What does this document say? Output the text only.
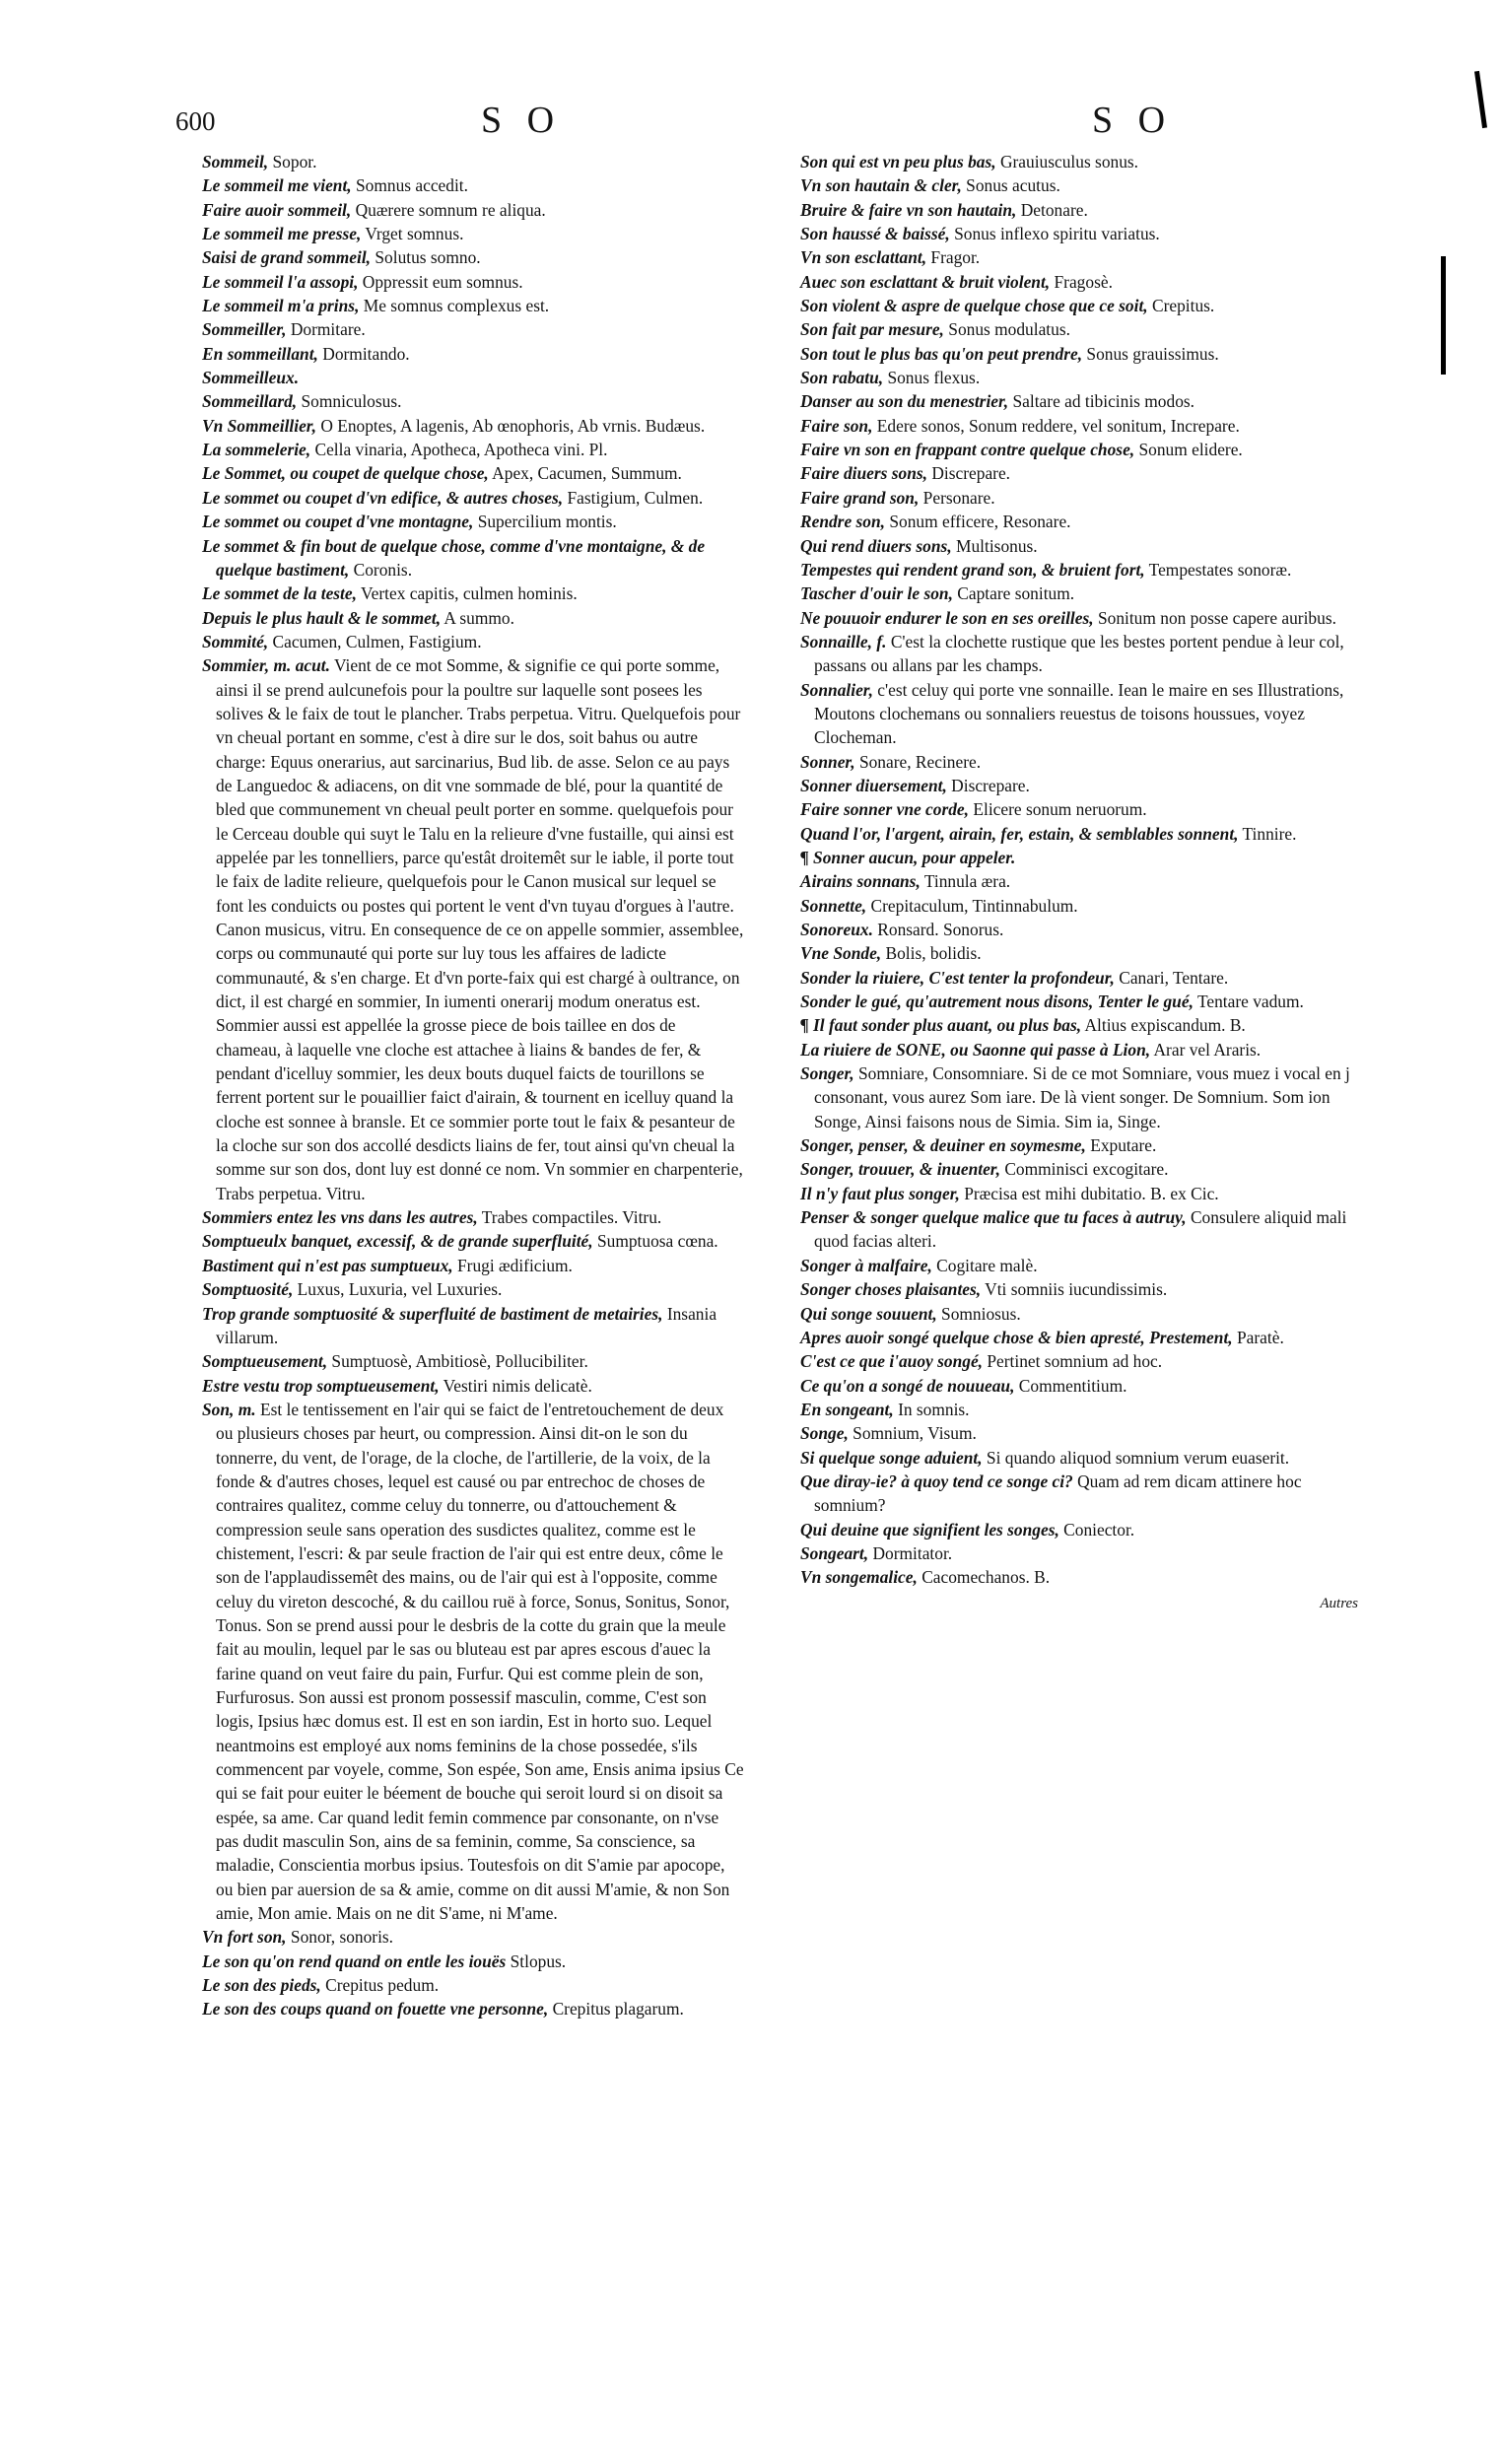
600	S O	S O

Sommeil, Sopor.

Le sommeil me vient, Somnus accedit.

Faire auoir sommeil, Quærere somnum re aliqua.

Le sommeil me presse, Vrget somnus.

Saisi de grand sommeil, Solutus somno.

Le sommeil l'a assopi, Oppressit eum somnus.

Le sommeil m'a prins, Me somnus complexus est.

Sommeiller, Dormitare.

En sommeillant, Dormitando.

Sommeilleux.

Sommeillard, Somniculosus.

Vn Sommeillier, O Enoptes, A lagenis, Ab œnophoris, Ab vrnis. Budæus.

La sommelerie, Cella vinaria, Apotheca, Apotheca vini. Pl.

Le Sommet, ou coupet de quelque chose, Apex, Cacumen, Summum.

Le sommet ou coupet d'vn edifice, & autres choses, Fastigium, Culmen.

Le sommet ou coupet d'vne montagne, Supercilium montis.

Le sommet & fin bout de quelque chose, comme d'vne montaigne, & de quelque bastiment, Coronis.

Le sommet de la teste, Vertex capitis, culmen hominis.

Depuis le plus hault & le sommet, A summo.

Sommité, Cacumen, Culmen, Fastigium.

Sommier, m. acut. Vient de ce mot Somme, & signifie ce qui porte somme, ainsi il se prend aulcunefois pour la poultre sur laquelle sont posees les solives & le faix de tout le plancher. Trabs perpetua. Vitru. Quelquefois pour vn cheual portant en somme, c'est à dire sur le dos, soit bahus ou autre charge: Equus onerarius, aut sarcinarius, Bud lib. de asse. Selon ce au pays de Languedoc & adiacens, on dit vne sommade de blé, pour la quantité de bled que communement vn cheual peult porter en somme. quelquefois pour le Cerceau double qui suyt le Talu en la relieure d'vne fustaille, qui ainsi est appelée par les tonnelliers, parce qu'estât droitemêt sur le iable, il porte tout le faix de ladite relieure, quelquefois pour le Canon musical sur lequel se font les conduicts ou postes qui portent le vent d'vn tuyau d'orgues à l'autre. Canon musicus, vitru. En consequence de ce on appelle sommier, assemblee, corps ou communauté qui porte sur luy tous les affaires de ladicte communauté, & s'en charge. Et d'vn porte-faix qui est chargé à oultrance, on dict, il est chargé en sommier, In iumenti onerarij modum oneratus est. Sommier aussi est appellée la grosse piece de bois taillee en dos de chameau, à laquelle vne cloche est attachee à liains & bandes de fer, & pendant d'icelluy sommier, les deux bouts duquel faicts de tourillons se ferrent portent sur le pouaillier faict d'airain, & tournent en icelluy quand la cloche est sonnee à bransle. Et ce sommier porte tout le faix & pesanteur de la cloche sur son dos accollé desdicts liains de fer, tout ainsi qu'vn cheual la somme sur son dos, dont luy est donné ce nom. Vn sommier en charpenterie, Trabs perpetua. Vitru.

Sommiers entez les vns dans les autres, Trabes compactiles. Vitru.

Somptueulx banquet, excessif, & de grande superfluité, Sumptuosa cœna.

Bastiment qui n'est pas sumptueux, Frugi ædificium.

Somptuosité, Luxus, Luxuria, vel Luxuries.

Trop grande somptuosité & superfluité de bastiment de metairies, Insania villarum.

Somptueusement, Sumptuosè, Ambitiosè, Pollucibiliter.

Estre vestu trop somptueusement, Vestiri nimis delicatè.

Son, m. Est le tentissement en l'air qui se faict de l'entretouchement de deux ou plusieurs choses par heurt, ou compression. Ainsi dit-on le son du tonnerre, du vent, de l'orage, de la cloche, de l'artillerie, de la voix, de la fonde & d'autres choses, lequel est causé ou par entrechoc de choses de contraires qualitez, comme celuy du tonnerre, ou d'attouchement & compression seule sans operation des susdictes qualitez, comme est le chistement, l'escri: & par seule fraction de l'air qui est entre deux, côme le son de l'applaudissemêt des mains, ou de l'air qui est à l'opposite, comme celuy du vireton descoché, & du caillou ruë à force, Sonus, Sonitus, Sonor, Tonus. Son se prend aussi pour le desbris de la cotte du grain que la meule fait au moulin, lequel par le sas ou bluteau est par apres escous d'auec la farine quand on veut faire du pain, Furfur. Qui est comme plein de son, Furfurosus. Son aussi est pronom possessif masculin, comme, C'est son logis, Ipsius hæc domus est. Il est en son iardin, Est in horto suo. Lequel neantmoins est employé aux noms feminins de la chose possedée, s'ils commencent par voyele, comme, Son espée, Son ame, Ensis anima ipsius Ce qui se fait pour euiter le béement de bouche qui seroit lourd si on disoit sa espée, sa ame. Car quand ledit femin commence par consonante, on n'vse pas dudit masculin Son, ains de sa feminin, comme, Sa conscience, sa maladie, Conscientia morbus ipsius. Toutesfois on dit S'amie par apocope, ou bien par auersion de sa & amie, comme on dit aussi M'amie, & non Son amie, Mon amie. Mais on ne dit S'ame, ni M'ame.

Vn fort son, Sonor, sonoris.

Le son qu'on rend quand on entle les iouës Stlopus.

Le son des pieds, Crepitus pedum.

Le son des coups quand on fouette vne personne, Crepitus plagarum.

Son qui est vn peu plus bas, Grauiusculus sonus.

Vn son hautain & cler, Sonus acutus.

Bruire & faire vn son hautain, Detonare.

Son haussé & baissé, Sonus inflexo spiritu variatus.

Vn son esclattant, Fragor.

Auec son esclattant & bruit violent, Fragosè.

Son violent & aspre de quelque chose que ce soit, Crepitus.

Son fait par mesure, Sonus modulatus.

Son tout le plus bas qu'on peut prendre, Sonus grauissimus.

Son rabatu, Sonus flexus.

Danser au son du menestrier, Saltare ad tibicinis modos.

Faire son, Edere sonos, Sonum reddere, vel sonitum, Increpare.

Faire vn son en frappant contre quelque chose, Sonum elidere.

Faire diuers sons, Discrepare.

Faire grand son, Personare.

Rendre son, Sonum efficere, Resonare.

Qui rend diuers sons, Multisonus.

Tempestes qui rendent grand son, & bruient fort, Tempestates sonoræ.

Tascher d'ouir le son, Captare sonitum.

Ne pouuoir endurer le son en ses oreilles, Sonitum non posse capere auribus.

Sonnaille, f. C'est la clochette rustique que les bestes portent pendue à leur col, passans ou allans par les champs.

Sonnalier, c'est celuy qui porte vne sonnaille. Iean le maire en ses Illustrations, Moutons clochemans ou sonnaliers reuestus de toisons houssues, voyez Clocheman.

Sonner, Sonare, Recinere.

Sonner diuersement, Discrepare.

Faire sonner vne corde, Elicere sonum neruorum.

Quand l'or, l'argent, airain, fer, estain, & semblables sonnent, Tinnire.

¶ Sonner aucun, pour appeler.

Airains sonnans, Tinnula æra.

Sonnette, Crepitaculum, Tintinnabulum.

Sonoreux. Ronsard. Sonorus.

Vne Sonde, Bolis, bolidis.

Sonder la riuiere, C'est tenter la profondeur, Canari, Tentare.

Sonder le gué, qu'autrement nous disons, Tenter le gué, Tentare vadum.

¶ Il faut sonder plus auant, ou plus bas, Altius expiscandum. B.

La riuiere de SONE, ou Saonne qui passe à Lion, Arar vel Araris.

Songer, Somniare, Consomniare. Si de ce mot Somniare, vous muez i vocal en j consonant, vous aurez Som iare. De là vient songer. De Somnium. Som ion Songe, Ainsi faisons nous de Simia. Sim ia, Singe.

Songer, penser, & deuiner en soymesme, Exputare.

Songer, trouuer, & inuenter, Comminisci excogitare.

Il n'y faut plus songer, Præcisa est mihi dubitatio. B. ex Cic.

Penser & songer quelque malice que tu faces à autruy, Consulere aliquid mali quod facias alteri.

Songer à malfaire, Cogitare malè.

Songer choses plaisantes, Vti somniis iucundissimis.

Qui songe souuent, Somniosus.

Apres auoir songé quelque chose & bien apresté, Prestement, Paratè.

C'est ce que i'auoy songé, Pertinet somnium ad hoc.

Ce qu'on a songé de nouueau, Commentitium.

En songeant, In somnis.

Songe, Somnium, Visum.

Si quelque songe aduient, Si quando aliquod somnium verum euaserit.

Que diray-ie? à quoy tend ce songe ci? Quam ad rem dicam attinere hoc somnium?

Qui deuine que signifient les songes, Coniector.

Songeart, Dormitator.

Vn songemalice, Cacomechanos. B.

Autres
